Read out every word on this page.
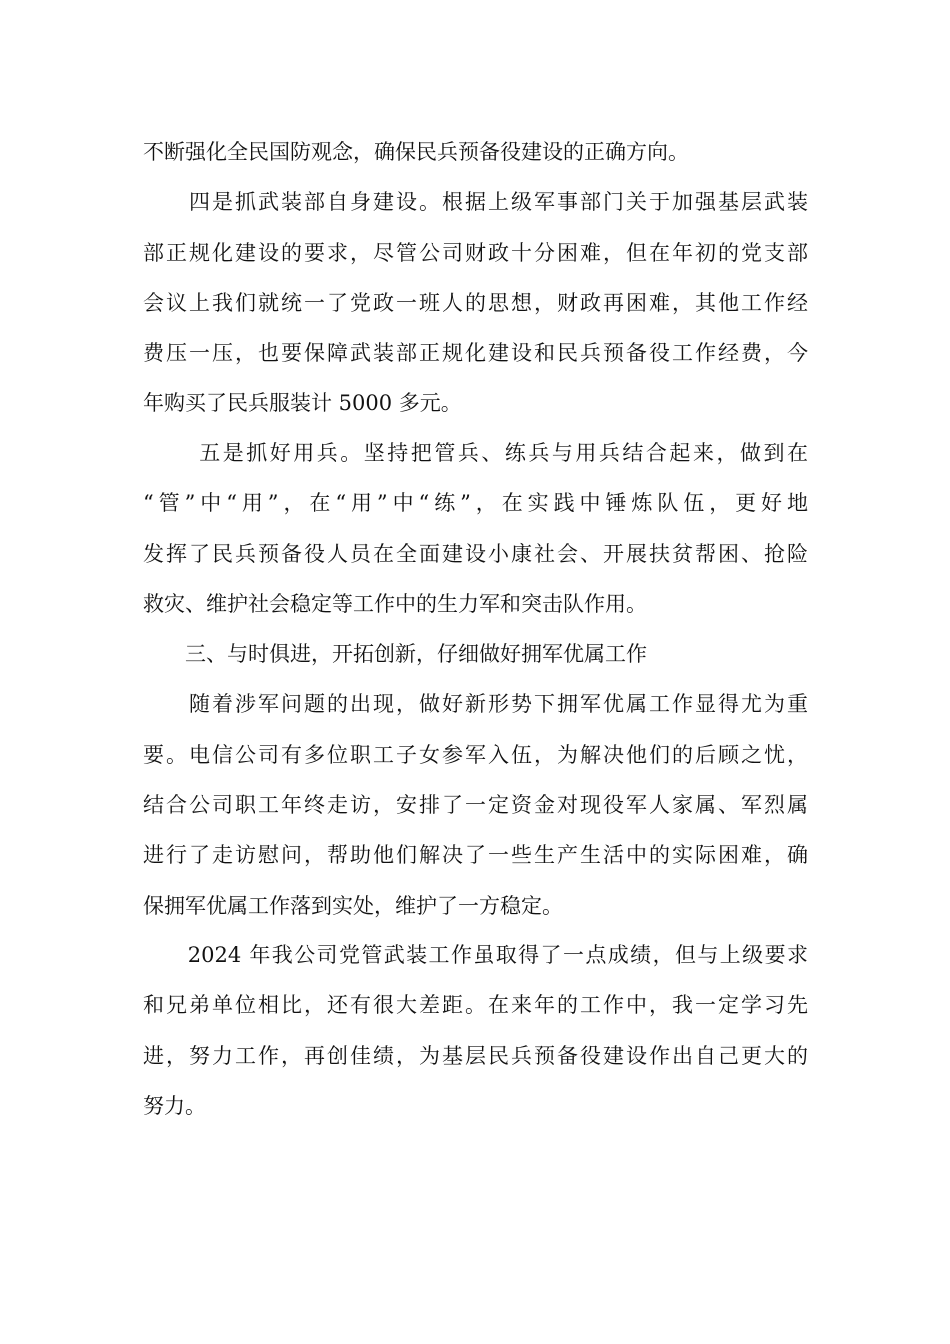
不断强化全民国防观念，确保民兵预备役建设的正确方向。
　　四是抓武装部自身建设。根据上级军事部门关于加强基层武装
部正规化建设的要求，尽管公司财政十分困难，但在年初的党支部
会议上我们就统一了党政一班人的思想，财政再困难，其他工作经
费压一压，也要保障武装部正规化建设和民兵预备役工作经费，今
年购买了民兵服装计 5000 多元。
　　 五是抓好用兵。坚持把管兵、练兵与用兵结合起来，做到在
“管”中“用”，在“用”中“练”，在实践中锤炼队伍，更好地
发挥了民兵预备役人员在全面建设小康社会、开展扶贫帮困、抢险
救灾、维护社会稳定等工作中的生力军和突击队作用。
　　三、与时俱进，开拓创新，仔细做好拥军优属工作
　　随着涉军问题的出现，做好新形势下拥军优属工作显得尤为重
要。电信公司有多位职工子女参军入伍，为解决他们的后顾之忧，
结合公司职工年终走访，安排了一定资金对现役军人家属、军烈属
进行了走访慰问，帮助他们解决了一些生产生活中的实际困难，确
保拥军优属工作落到实处，维护了一方稳定。
　　2024 年我公司党管武装工作虽取得了一点成绩，但与上级要求
和兄弟单位相比，还有很大差距。在来年的工作中，我一定学习先
进，努力工作，再创佳绩，为基层民兵预备役建设作出自己更大的
努力。
